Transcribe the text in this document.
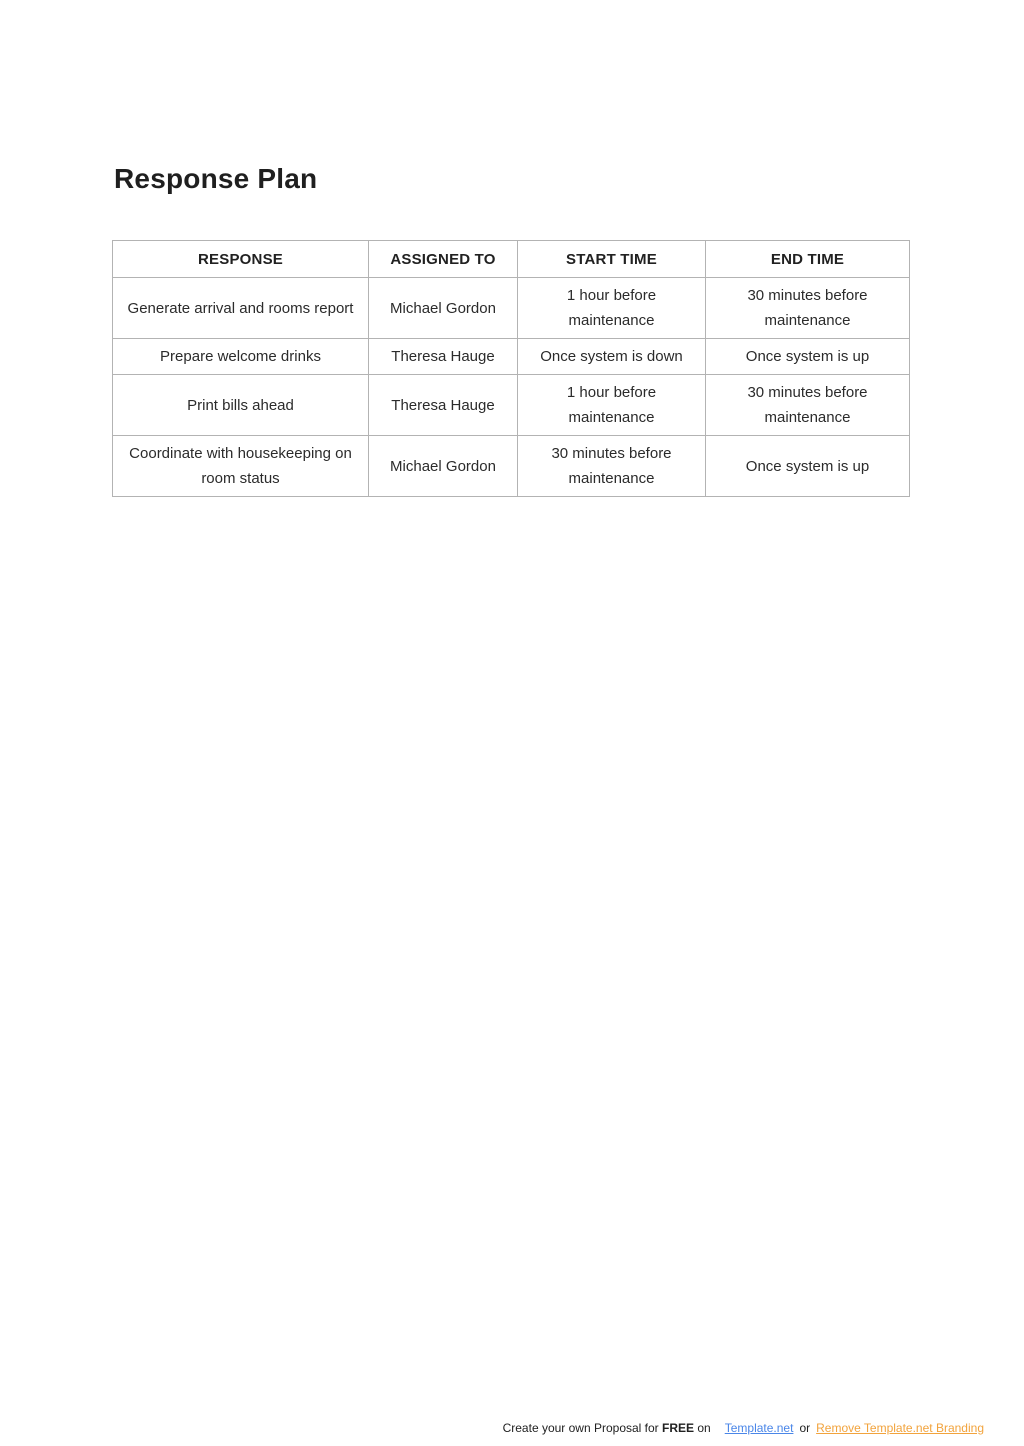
Response Plan
RESPONSE	ASSIGNED TO	START TIME	END TIME
Generate arrival and rooms report	Michael Gordon	1 hour before maintenance	30 minutes before maintenance
Prepare welcome drinks	Theresa Hauge	Once system is down	Once system is up
Print bills ahead	Theresa Hauge	1 hour before maintenance	30 minutes before maintenance
Coordinate with housekeeping on room status	Michael Gordon	30 minutes before maintenance	Once system is up
Create your own Proposal for FREE on Template.net or Remove Template.net Branding
